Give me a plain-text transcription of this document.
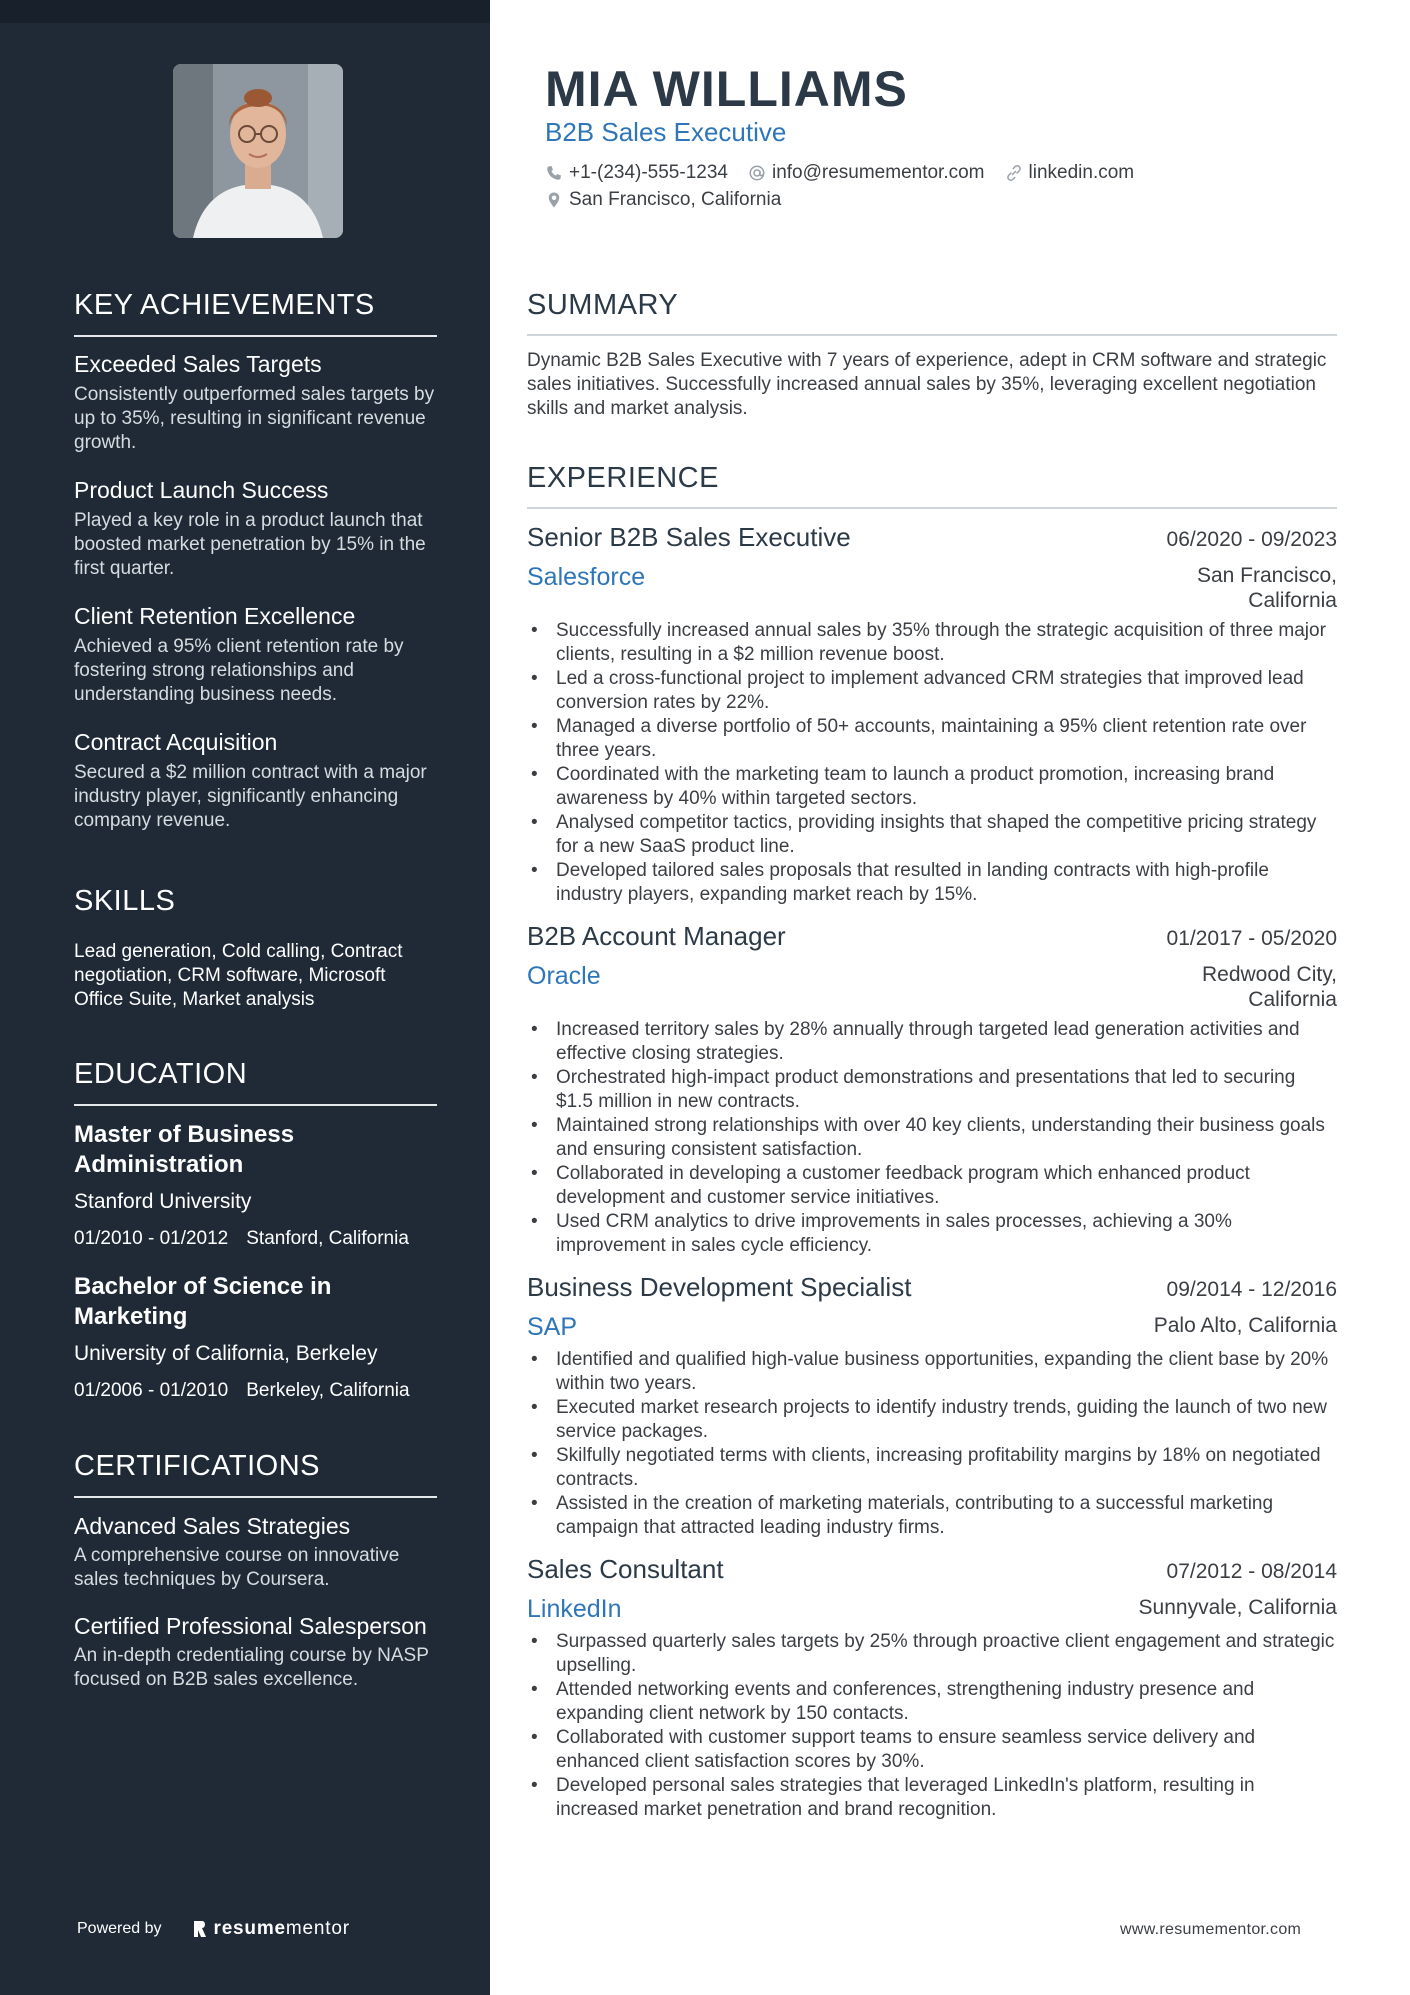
KEY ACHIEVEMENTS
Exceeded Sales Targets
Consistently outperformed sales targets by up to 35%, resulting in significant revenue growth.
Product Launch Success
Played a key role in a product launch that boosted market penetration by 15% in the first quarter.
Client Retention Excellence
Achieved a 95% client retention rate by fostering strong relationships and understanding business needs.
Contract Acquisition
Secured a $2 million contract with a major industry player, significantly enhancing company revenue.
SKILLS
Lead generation, Cold calling, Contract negotiation, CRM software, Microsoft Office Suite, Market analysis
EDUCATION
Master of Business Administration
Stanford University
01/2010 - 01/2012 Stanford, California
Bachelor of Science in Marketing
University of California, Berkeley
01/2006 - 01/2010 Berkeley, California
CERTIFICATIONS
Advanced Sales Strategies
A comprehensive course on innovative sales techniques by Coursera.
Certified Professional Salesperson
An in-depth credentialing course by NASP focused on B2B sales excellence.
Powered by	resumementor
MIA WILLIAMS
B2B Sales Executive
+1-(234)-555-1234 info@resumementor.com linkedin.com
San Francisco, California
SUMMARY
Dynamic B2B Sales Executive with 7 years of experience, adept in CRM software and strategic sales initiatives. Successfully increased annual sales by 35%, leveraging excellent negotiation skills and market analysis.
EXPERIENCE
Senior B2B Sales Executive	06/2020 - 09/2023
Salesforce	San Francisco, California
• Successfully increased annual sales by 35% through the strategic acquisition of three major clients, resulting in a $2 million revenue boost.
• Led a cross-functional project to implement advanced CRM strategies that improved lead conversion rates by 22%.
• Managed a diverse portfolio of 50+ accounts, maintaining a 95% client retention rate over three years.
• Coordinated with the marketing team to launch a product promotion, increasing brand awareness by 40% within targeted sectors.
• Analysed competitor tactics, providing insights that shaped the competitive pricing strategy for a new SaaS product line.
• Developed tailored sales proposals that resulted in landing contracts with high-profile industry players, expanding market reach by 15%.
B2B Account Manager	01/2017 - 05/2020
Oracle	Redwood City, California
• Increased territory sales by 28% annually through targeted lead generation activities and effective closing strategies.
• Orchestrated high-impact product demonstrations and presentations that led to securing $1.5 million in new contracts.
• Maintained strong relationships with over 40 key clients, understanding their business goals and ensuring consistent satisfaction.
• Collaborated in developing a customer feedback program which enhanced product development and customer service initiatives.
• Used CRM analytics to drive improvements in sales processes, achieving a 30% improvement in sales cycle efficiency.
Business Development Specialist	09/2014 - 12/2016
SAP	Palo Alto, California
• Identified and qualified high-value business opportunities, expanding the client base by 20% within two years.
• Executed market research projects to identify industry trends, guiding the launch of two new service packages.
• Skilfully negotiated terms with clients, increasing profitability margins by 18% on negotiated contracts.
• Assisted in the creation of marketing materials, contributing to a successful marketing campaign that attracted leading industry firms.
Sales Consultant	07/2012 - 08/2014
LinkedIn	Sunnyvale, California
• Surpassed quarterly sales targets by 25% through proactive client engagement and strategic upselling.
• Attended networking events and conferences, strengthening industry presence and expanding client network by 150 contacts.
• Collaborated with customer support teams to ensure seamless service delivery and enhanced client satisfaction scores by 30%.
• Developed personal sales strategies that leveraged LinkedIn's platform, resulting in increased market penetration and brand recognition.
www.resumementor.com
